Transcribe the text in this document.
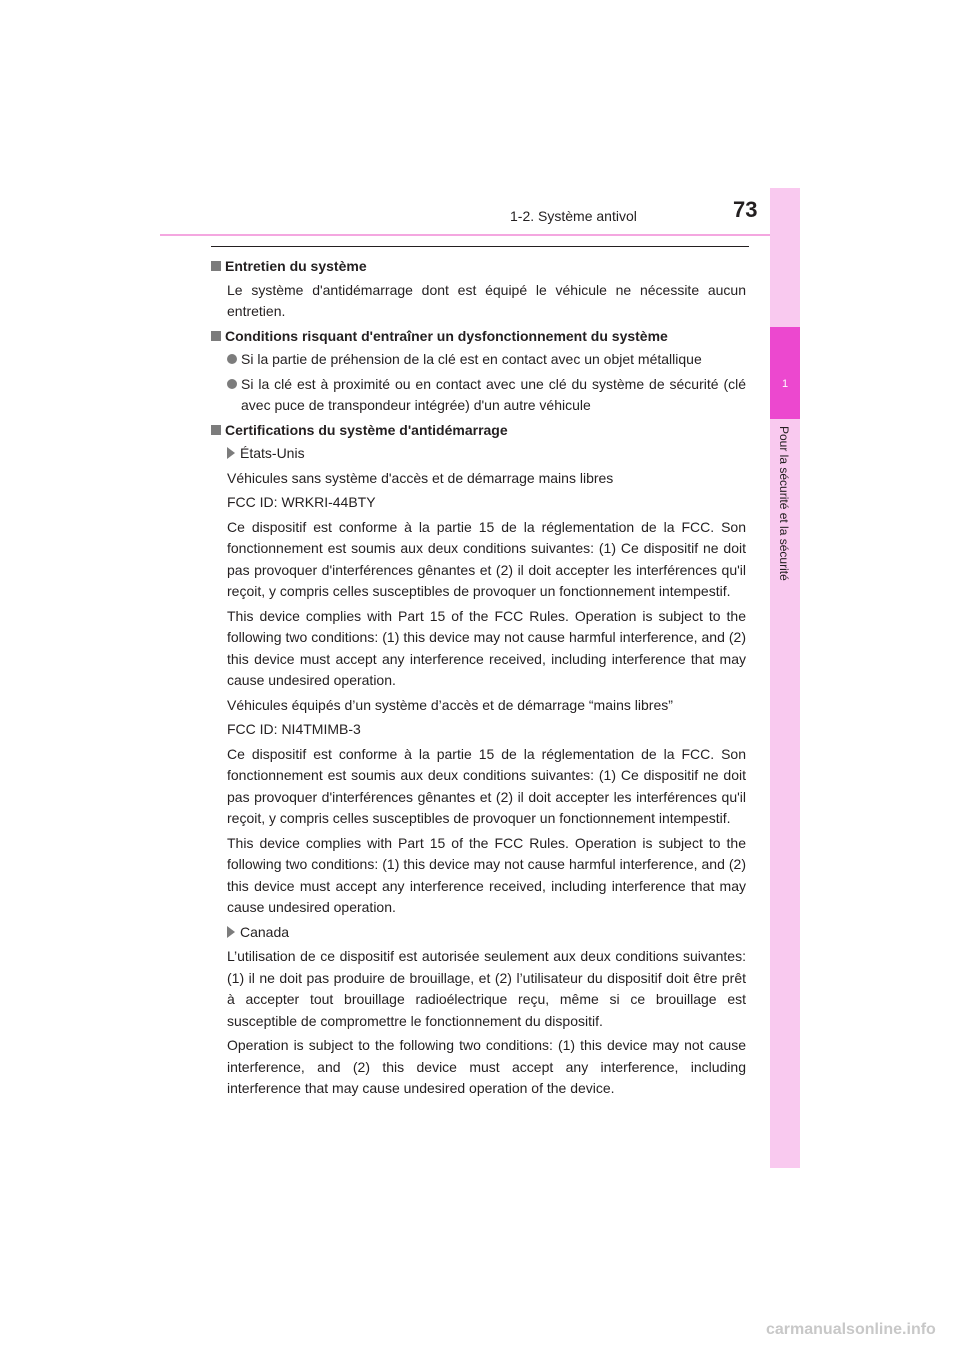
1-2. Système antivol	73
1
Pour la sécurité et la sécurité
Entretien du système

Le système d'antidémarrage dont est équipé le véhicule ne nécessite aucun entretien.

Conditions risquant d'entraîner un dysfonctionnement du système
Si la partie de préhension de la clé est en contact avec un objet métallique
Si la clé est à proximité ou en contact avec une clé du système de sécurité (clé avec puce de transpondeur intégrée) d'un autre véhicule
Certifications du système d'antidémarrage
États-Unis

Véhicules sans système d'accès et de démarrage mains libres

FCC ID: WRKRI-44BTY

Ce dispositif est conforme à la partie 15 de la réglementation de la FCC. Son fonctionnement est soumis aux deux conditions suivantes: (1) Ce dispositif ne doit pas provoquer d'interférences gênantes et (2) il doit accepter les interférences qu'il reçoit, y compris celles susceptibles de provoquer un fonctionnement intempestif.

This device complies with Part 15 of the FCC Rules. Operation is subject to the following two conditions: (1) this device may not cause harmful interference, and (2) this device must accept any interference received, including interference that may cause undesired operation.

Véhicules équipés d’un système d’accès et de démarrage “mains libres”

FCC ID: NI4TMIMB-3

Ce dispositif est conforme à la partie 15 de la réglementation de la FCC. Son fonctionnement est soumis aux deux conditions suivantes: (1) Ce dispositif ne doit pas provoquer d'interférences gênantes et (2) il doit accepter les interférences qu'il reçoit, y compris celles susceptibles de provoquer un fonctionnement intempestif.

This device complies with Part 15 of the FCC Rules. Operation is subject to the following two conditions: (1) this device may not cause harmful interference, and (2) this device must accept any interference received, including interference that may cause undesired operation.

Canada

L’utilisation de ce dispositif est autorisée seulement aux deux conditions suivantes: (1) il ne doit pas produire de brouillage, et (2) l’utilisateur du dispositif doit être prêt à accepter tout brouillage radioélectrique reçu, même si ce brouillage est susceptible de compromettre le fonctionnement du dispositif.

Operation is subject to the following two conditions: (1) this device may not cause interference, and (2) this device must accept any interference, including interference that may cause undesired operation of the device.

carmanualsonline.info
